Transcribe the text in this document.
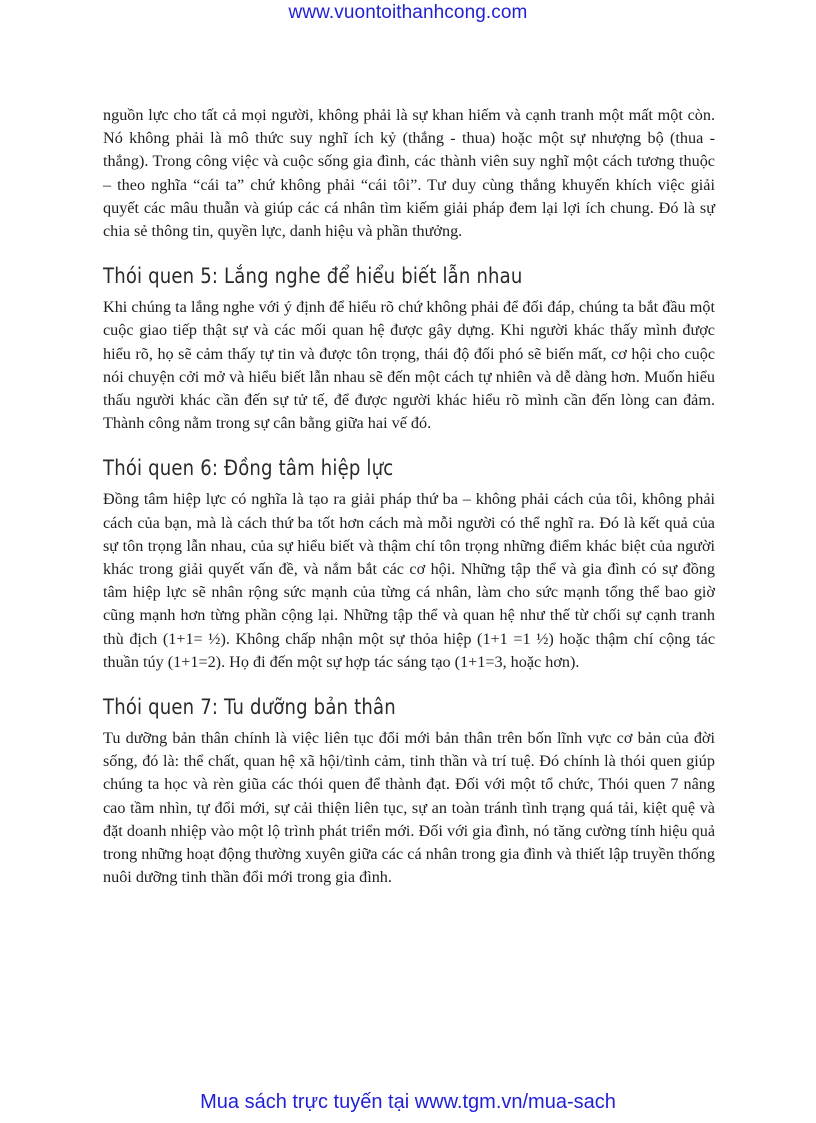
www.vuontoithanhcong.com

nguồn lực cho tất cả mọi người, không phải là sự khan hiếm và cạnh tranh một mất một còn. Nó không phải là mô thức suy nghĩ ích kỷ (thắng - thua) hoặc một sự nhượng bộ (thua - thắng). Trong công việc và cuộc sống gia đình, các thành viên suy nghĩ một cách tương thuộc – theo nghĩa “cái ta” chứ không phải “cái tôi”. Tư duy cùng thắng khuyến khích việc giải quyết các mâu thuẫn và giúp các cá nhân tìm kiếm giải pháp đem lại lợi ích chung. Đó là sự chia sẻ thông tin, quyền lực, danh hiệu và phần thưởng.

Thói quen 5: Lắng nghe để hiểu biết lẫn nhau

Khi chúng ta lắng nghe với ý định để hiểu rõ chứ không phải để đối đáp, chúng ta bắt đầu một cuộc giao tiếp thật sự và các mối quan hệ được gây dựng. Khi người khác thấy mình được hiểu rõ, họ sẽ cảm thấy tự tin và được tôn trọng, thái độ đối phó sẽ biến mất, cơ hội cho cuộc nói chuyện cởi mở và hiểu biết lẫn nhau sẽ đến một cách tự nhiên và dễ dàng hơn. Muốn hiểu thấu người khác cần đến sự tử tế, để được người khác hiểu rõ mình cần đến lòng can đảm. Thành công nằm trong sự cân bằng giữa hai vế đó.

Thói quen 6: Đồng tâm hiệp lực

Đồng tâm hiệp lực có nghĩa là tạo ra giải pháp thứ ba – không phải cách của tôi, không phải cách của bạn, mà là cách thứ ba tốt hơn cách mà mỗi người có thể nghĩ ra. Đó là kết quả của sự tôn trọng lẫn nhau, của sự hiểu biết và thậm chí tôn trọng những điểm khác biệt của người khác trong giải quyết vấn đề, và nắm bắt các cơ hội. Những tập thể và gia đình có sự đồng tâm hiệp lực sẽ nhân rộng sức mạnh của từng cá nhân, làm cho sức mạnh tổng thể bao giờ cũng mạnh hơn từng phần cộng lại. Những tập thể và quan hệ như thế từ chối sự cạnh tranh thù địch (1+1= ½). Không chấp nhận một sự thỏa hiệp (1+1 =1 ½) hoặc thậm chí cộng tác thuần túy (1+1=2). Họ đi đến một sự hợp tác sáng tạo (1+1=3, hoặc hơn).

Thói quen 7: Tu dưỡng bản thân

Tu dưỡng bản thân chính là việc liên tục đổi mới bản thân trên bốn lĩnh vực cơ bản của đời sống, đó là: thể chất, quan hệ xã hội/tình cảm, tinh thần và trí tuệ. Đó chính là thói quen giúp chúng ta học và rèn giũa các thói quen để thành đạt. Đối với một tổ chức, Thói quen 7 nâng cao tầm nhìn, tự đổi mới, sự cải thiện liên tục, sự an toàn tránh tình trạng quá tải, kiệt quệ và đặt doanh nhiệp vào một lộ trình phát triển mới. Đối với gia đình, nó tăng cường tính hiệu quả trong những hoạt động thường xuyên giữa các cá nhân trong gia đình và thiết lập truyền thống nuôi dưỡng tinh thần đổi mới trong gia đình.

Mua sách trực tuyến tại www.tgm.vn/mua-sach
